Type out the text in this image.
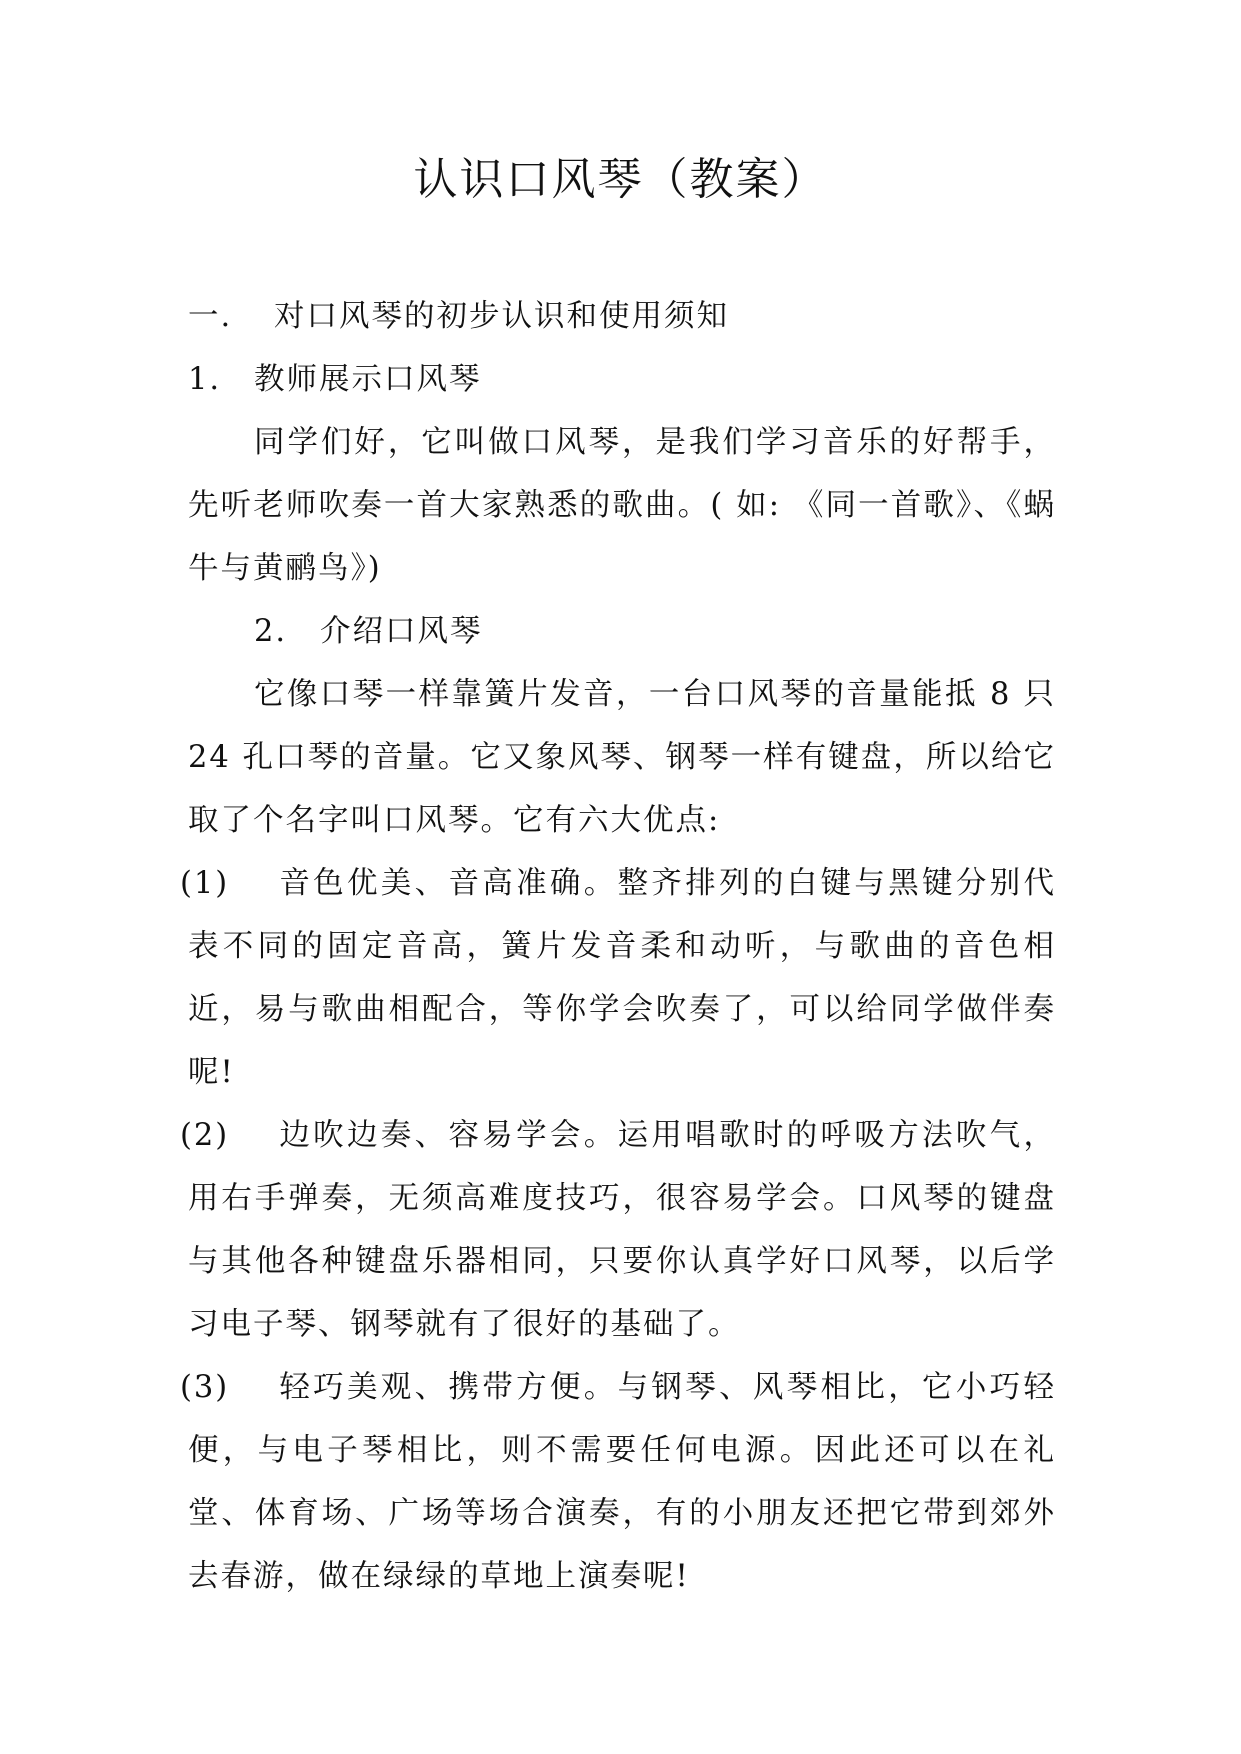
认识口风琴（教案）

一. 对口风琴的初步认识和使用须知

1. 教师展示口风琴

同学们好，它叫做口风琴，是我们学习音乐的好帮手，先听老师吹奏一首大家熟悉的歌曲。( 如: 《同一首歌》、《蜗牛与黄鹂鸟》)

2. 介绍口风琴

它像口琴一样靠簧片发音，一台口风琴的音量能抵 8 只 24 孔口琴的音量。它又象风琴、钢琴一样有键盘，所以给它取了个名字叫口风琴。它有六大优点:

(1) 音色优美、音高准确。整齐排列的白键与黑键分别代表不同的固定音高，簧片发音柔和动听，与歌曲的音色相近，易与歌曲相配合，等你学会吹奏了，可以给同学做伴奏呢!

(2) 边吹边奏、容易学会。运用唱歌时的呼吸方法吹气，用右手弹奏，无须高难度技巧，很容易学会。口风琴的键盘与其他各种键盘乐器相同，只要你认真学好口风琴，以后学习电子琴、钢琴就有了很好的基础了。

(3) 轻巧美观、携带方便。与钢琴、风琴相比，它小巧轻便，与电子琴相比，则不需要任何电源。因此还可以在礼堂、体育场、广场等场合演奏，有的小朋友还把它带到郊外去春游，做在绿绿的草地上演奏呢!
